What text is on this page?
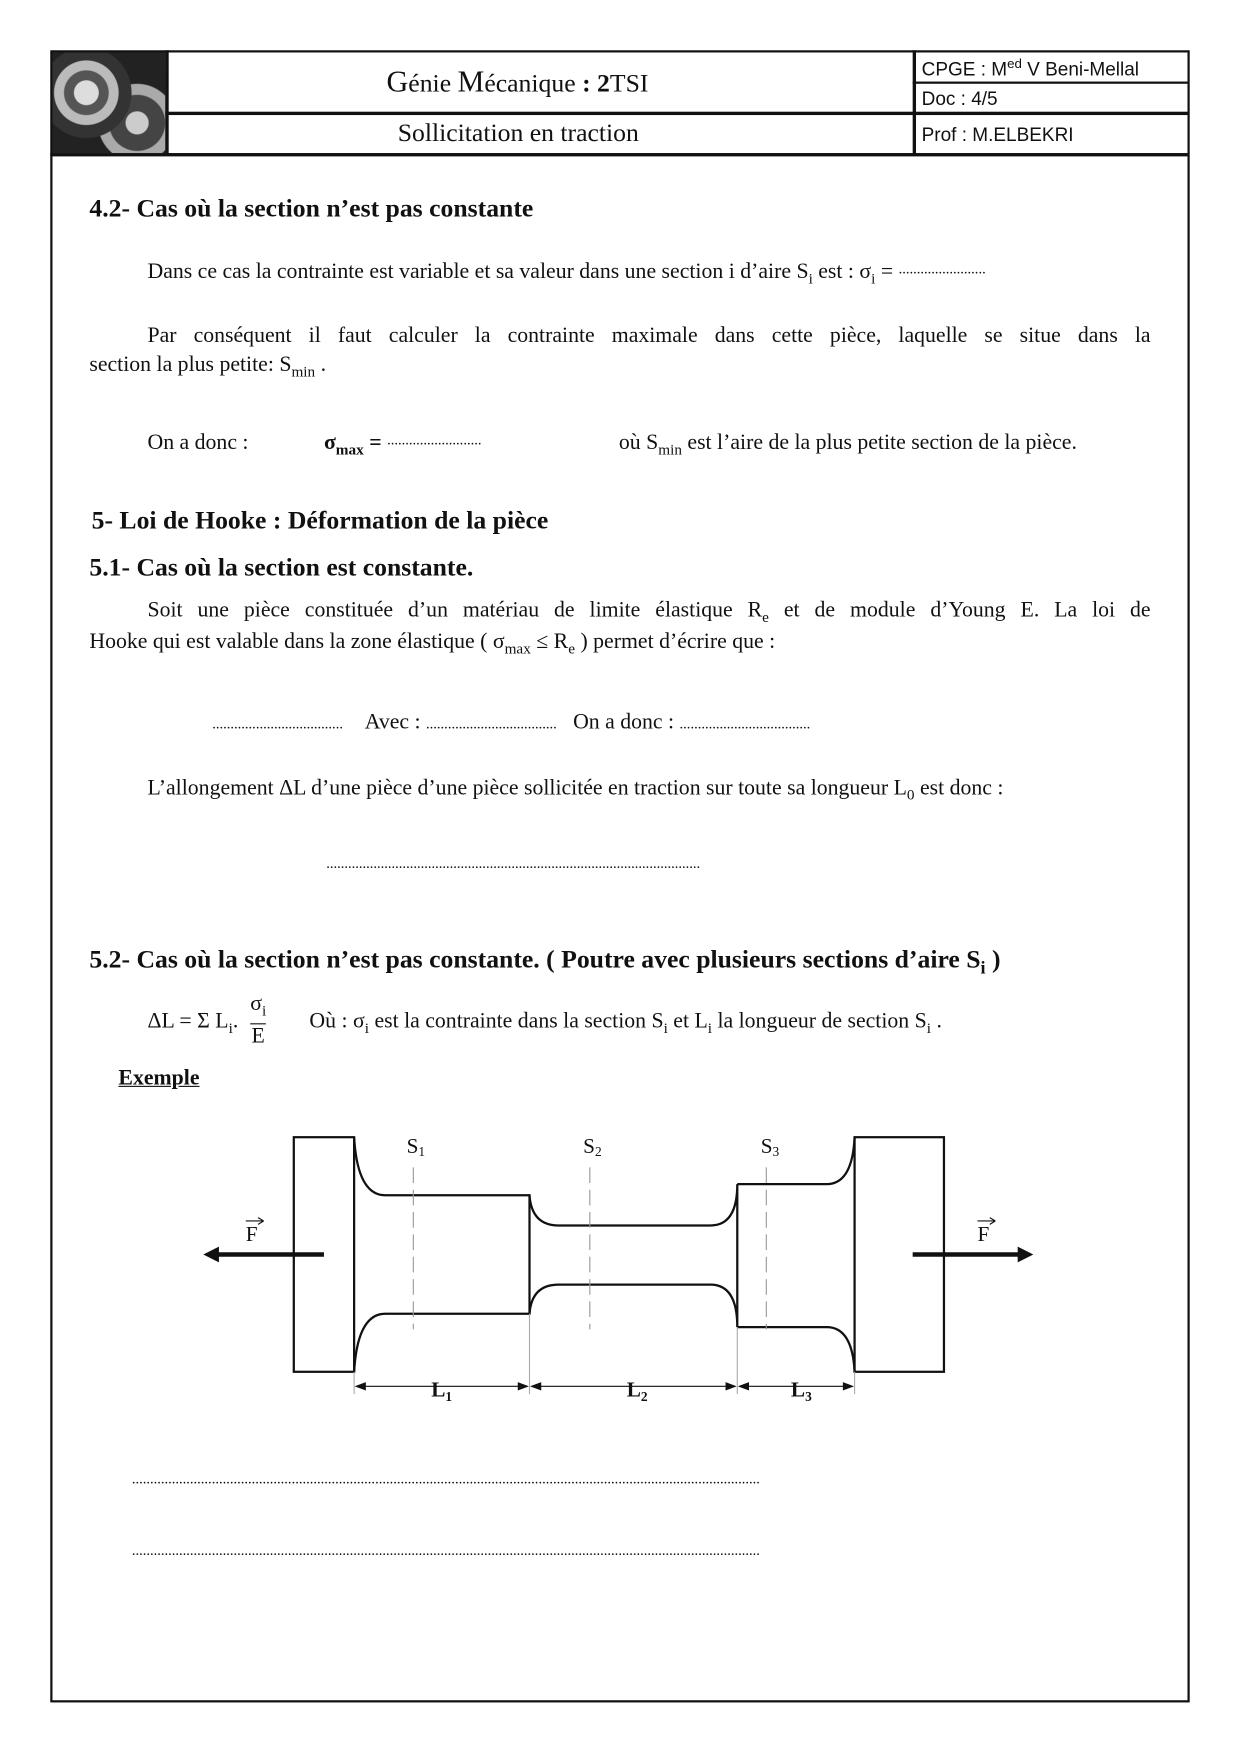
Génie Mécanique : 2TSI
Sollicitation en traction
CPGE : $M^{ed}$ V Beni-Mellal
Doc : 4/5
Prof : M.ELBEKRI
4.2- Cas où la section n’est pas constante
Dans ce cas la contrainte est variable et sa valeur dans une section i d’aire $S_i$ est : $\sigma_i = ^{........................}$
Par conséquent il faut calculer la contrainte maximale dans cette pièce, laquelle se situe dans la
section la plus petite: $S_{min}$ .
On a donc :	$\sigma_{max} = ^{..........................}$	où $S_{min}$ est l’aire de la plus petite section de la pièce.
5- Loi de Hooke : Déformation de la pièce
5.1- Cas où la section est constante.
Soit une pièce constituée d’un matériau de limite élastique $R_e$ et de module d’Young E. La loi de
Hooke qui est valable dans la zone élastique ( $\sigma_{max} \le R_e$ ) permet d’écrire que :
.................................... Avec : .................................... On a donc : ....................................
L’allongement ΔL d’une pièce d’une pièce sollicitée en traction sur toute sa longueur $L_0$ est donc :
.......................................................................................................
5.2- Cas où la section n’est pas constante. ( Poutre avec plusieurs sections d’aire $S_i$ )
ΔL = Σ $L_i$.
$\sigma_i$
E
Où : $\sigma_i$ est la contrainte dans la section $S_i$ et $L_i$ la longueur de section $S_i$ .
Exemple
S1	S2	S3
F	F
$L_1$	$L_2$	$L_3$
.............................................................................................................................................................................
.............................................................................................................................................................................
